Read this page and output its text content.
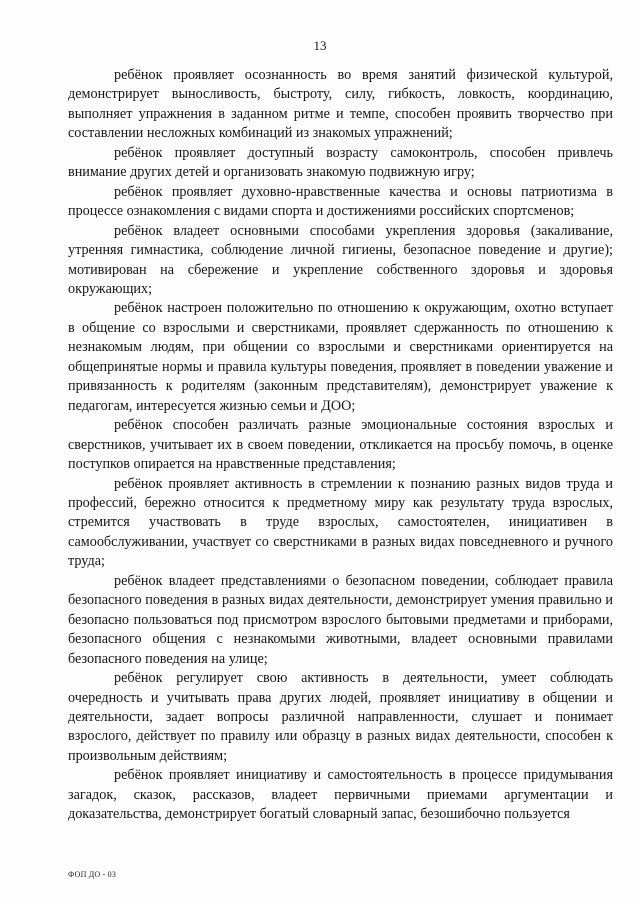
13

ребёнок проявляет осознанность во время занятий физической культурой, демонстрирует выносливость, быстроту, силу, гибкость, ловкость, координацию, выполняет упражнения в заданном ритме и темпе, способен проявить творчество при составлении несложных комбинаций из знакомых упражнений;

ребёнок проявляет доступный возрасту самоконтроль, способен привлечь внимание других детей и организовать знакомую подвижную игру;

ребёнок проявляет духовно-нравственные качества и основы патриотизма в процессе ознакомления с видами спорта и достижениями российских спортсменов;

ребёнок владеет основными способами укрепления здоровья (закаливание, утренняя гимнастика, соблюдение личной гигиены, безопасное поведение и другие); мотивирован на сбережение и укрепление собственного здоровья и здоровья окружающих;

ребёнок настроен положительно по отношению к окружающим, охотно вступает в общение со взрослыми и сверстниками, проявляет сдержанность по отношению к незнакомым людям, при общении со взрослыми и сверстниками ориентируется на общепринятые нормы и правила культуры поведения, проявляет в поведении уважение и привязанность к родителям (законным представителям), демонстрирует уважение к педагогам, интересуется жизнью семьи и ДОО;

ребёнок способен различать разные эмоциональные состояния взрослых и сверстников, учитывает их в своем поведении, откликается на просьбу помочь, в оценке поступков опирается на нравственные представления;

ребёнок проявляет активность в стремлении к познанию разных видов труда и профессий, бережно относится к предметному миру как результату труда взрослых, стремится участвовать в труде взрослых, самостоятелен, инициативен в самообслуживании, участвует со сверстниками в разных видах повседневного и ручного труда;

ребёнок владеет представлениями о безопасном поведении, соблюдает правила безопасного поведения в разных видах деятельности, демонстрирует умения правильно и безопасно пользоваться под присмотром взрослого бытовыми предметами и приборами, безопасного общения с незнакомыми животными, владеет основными правилами безопасного поведения на улице;

ребёнок регулирует свою активность в деятельности, умеет соблюдать очередность и учитывать права других людей, проявляет инициативу в общении и деятельности, задает вопросы различной направленности, слушает и понимает взрослого, действует по правилу или образцу в разных видах деятельности, способен к произвольным действиям;

ребёнок проявляет инициативу и самостоятельность в процессе придумывания загадок, сказок, рассказов, владеет первичными приемами аргументации и доказательства, демонстрирует богатый словарный запас, безошибочно пользуется

ФОП ДО - 03
